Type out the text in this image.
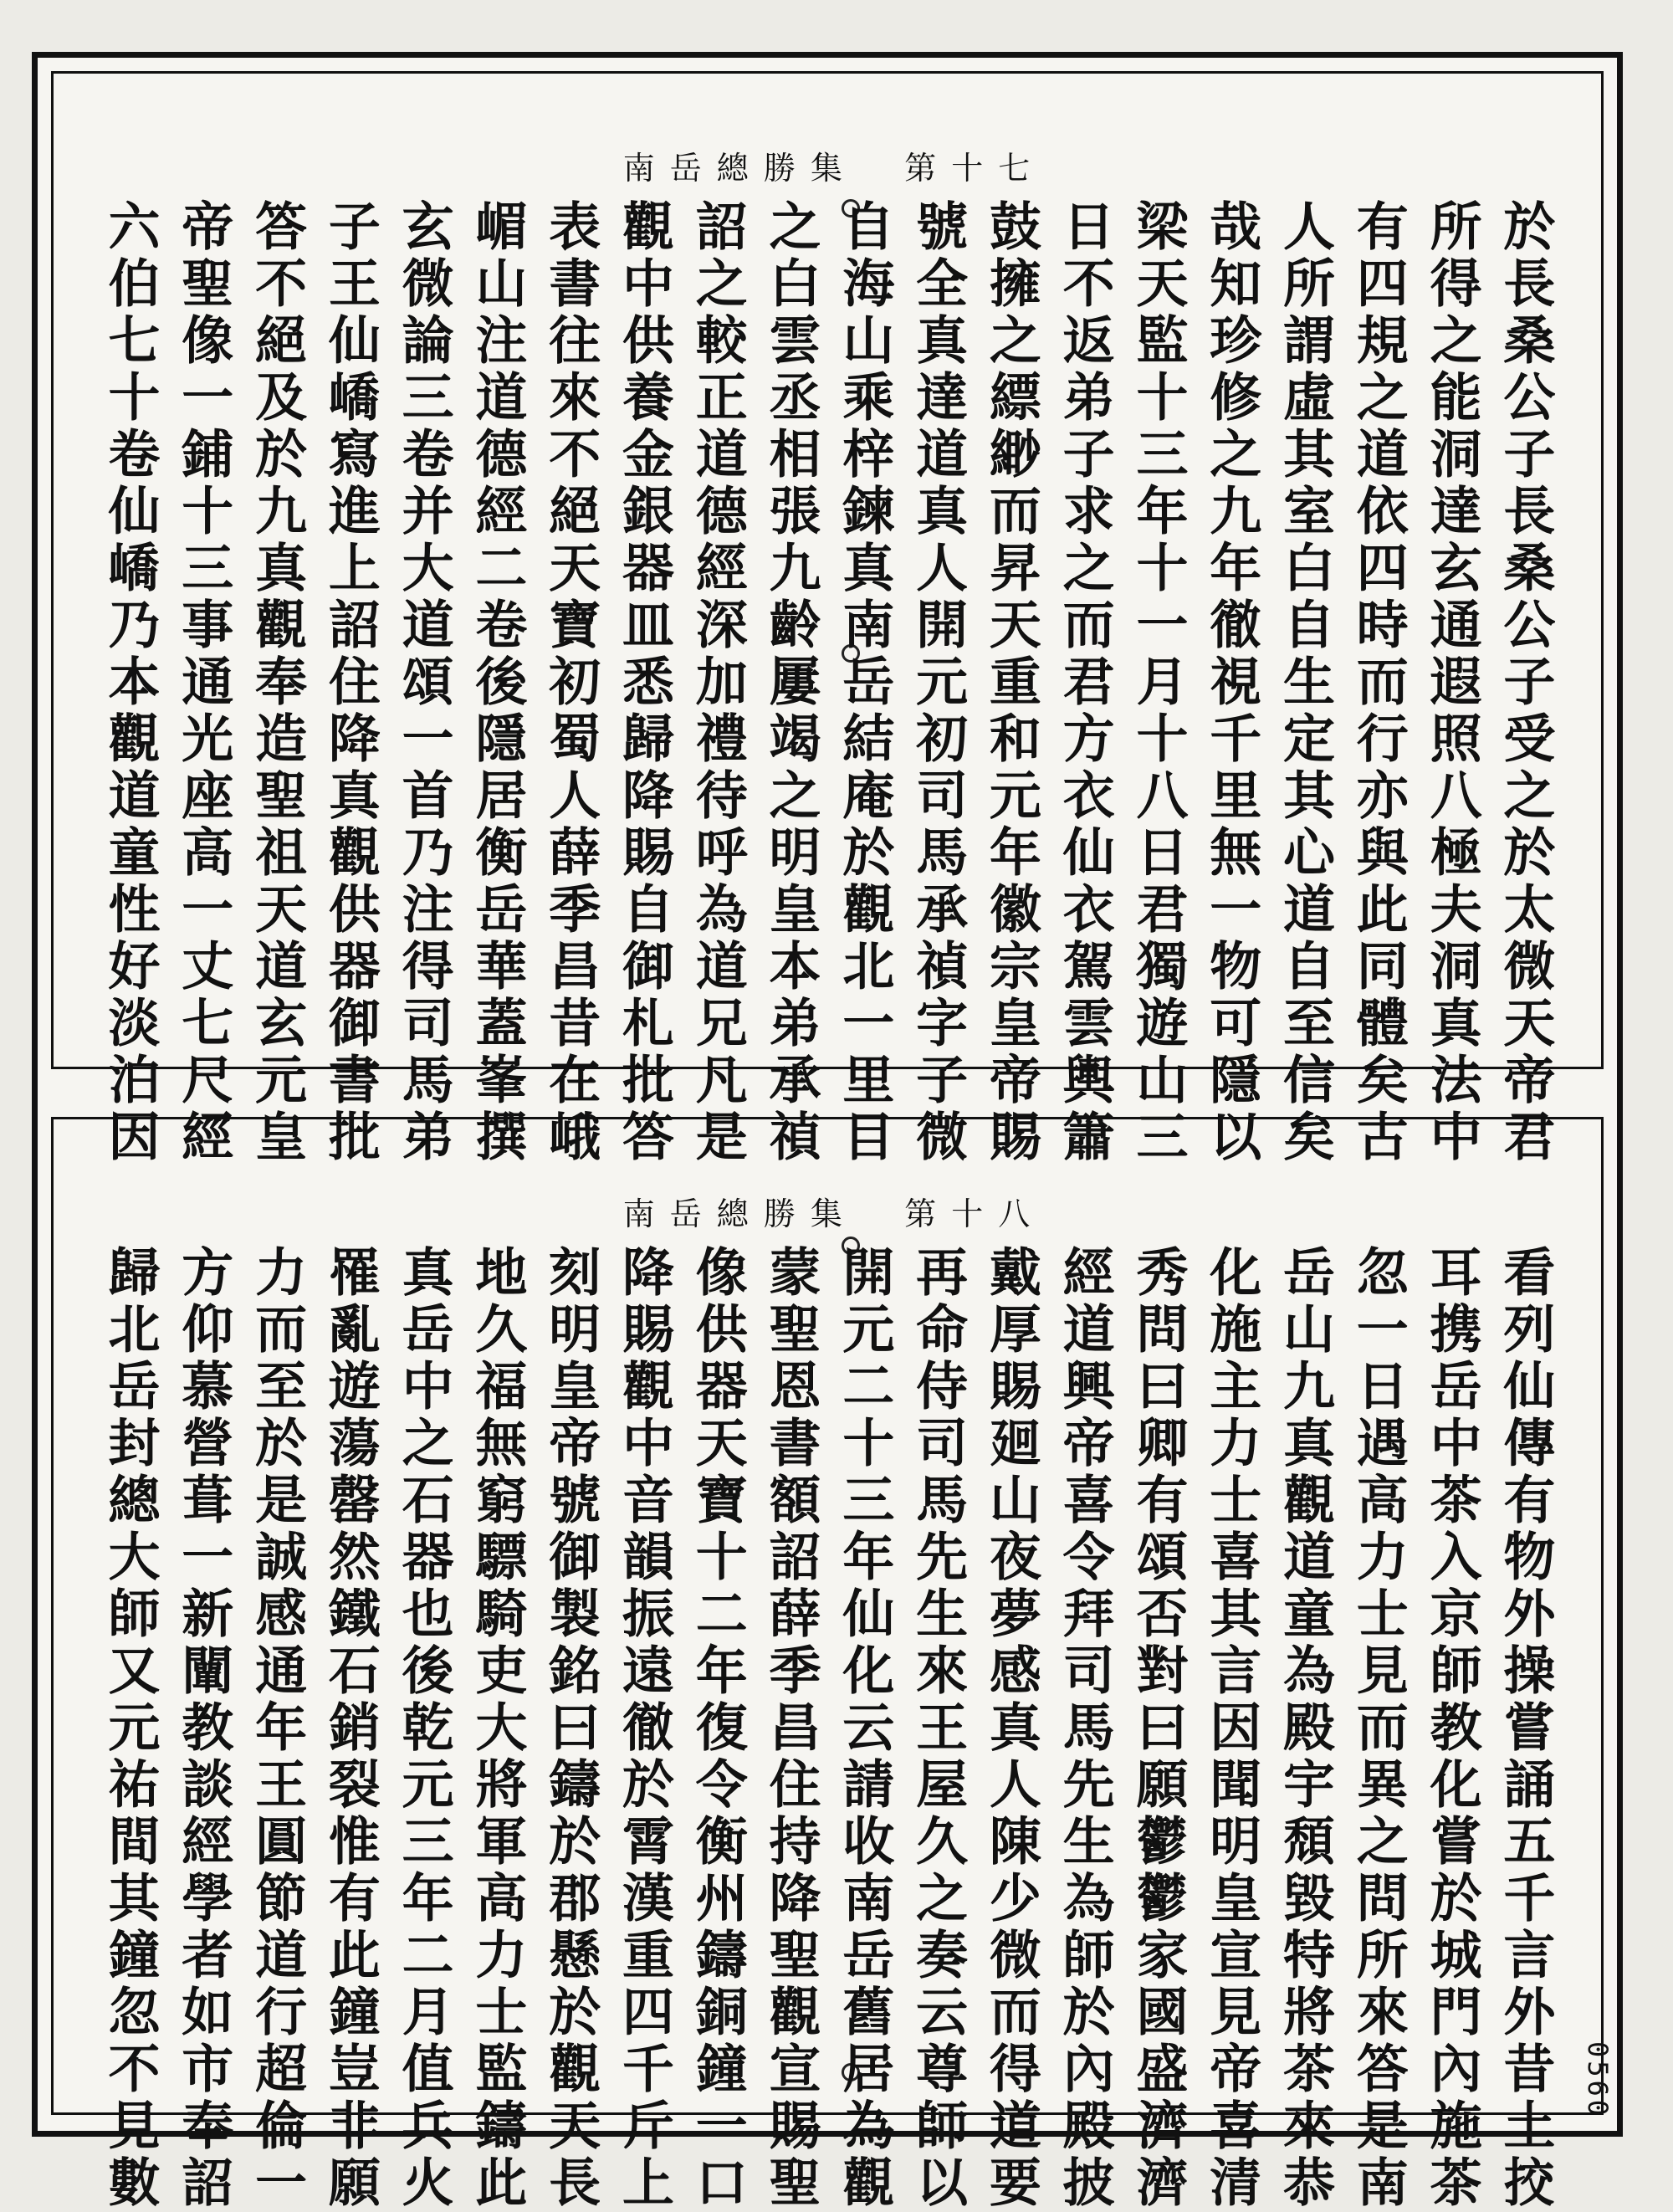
南 岳 總 勝 集 第 十 七
於長桑公子長桑公子受之於太微天帝君
所得之能洞達玄通遐照八極夫洞真法中
有四規之道依四時而行亦與此同體矣古
人所謂虛其室白自生定其心道自至信矣
哉知珍修之九年徹視千里無一物可隱以
梁天監十三年十一月十八日君獨遊山三
日不返弟子求之而君方衣仙衣駕雲輿簫
鼓擁之縹緲而昇天重和元年徽宗皇帝賜
號全真達道真人開元初司馬承禎字子微
自海山乘梓鍊真南岳結庵於觀北一里目
之白雲丞相張九齡屢竭之明皇本弟承禎
詔之較正道德經深加禮待呼為道兄凡是
觀中供養金銀器皿悉歸降賜自御札批答
表書往來不絕天寶初蜀人薛季昌昔在峨
嵋山注道德經二卷後隱居衡岳華蓋峯撰
玄微論三卷并大道頌一首乃注得司馬弟
子王仙嶠寫進上詔住降真觀供器御書批
答不絕及於九真觀奉造聖祖天道玄元皇
帝聖像一鋪十三事通光座高一丈七尺經
六伯七十卷仙嶠乃本觀道童性好淡泊因
南 岳 總 勝 集 第 十 八
看列仙傳有物外操嘗誦五千言外昔土挍
耳携岳中茶入京師教化嘗於城門內施茶
忽一日遇高力士見而異之問所來答是南
岳山九真觀道童為殿宇頹毀特將茶來恭
化施主力士喜其言因聞明皇宣見帝喜清
秀問曰卿有頌否對曰願鬱鬱家國盛濟濟
經道興帝喜令拜司馬先生為師於內殿披
戴厚賜廻山夜夢感真人陳少微而得道要
再命侍司馬先生來王屋久之奏云尊師以
開元二十三年仙化云請收南岳舊居為觀
蒙聖恩書額詔薛季昌住持降聖觀宣賜聖
像供器天寶十二年復令衡州鑄銅鐘一口
降賜觀中音韻振遠徹於霄漢重四千斤上
刻明皇帝號御製銘曰鑄於郡懸於觀天長
地久福無窮驃騎吏大將軍高力士監鑄此
真岳中之石器也後乾元三年二月值兵火
罹亂遊蕩罄然鐵石銷裂惟有此鐘豈非願
力而至於是誠感通年王圓節道行超倫一
方仰慕營葺一新闡教談經學者如市奉詔
歸北岳封總大師又元祐間其鐘忽不見數	0560
